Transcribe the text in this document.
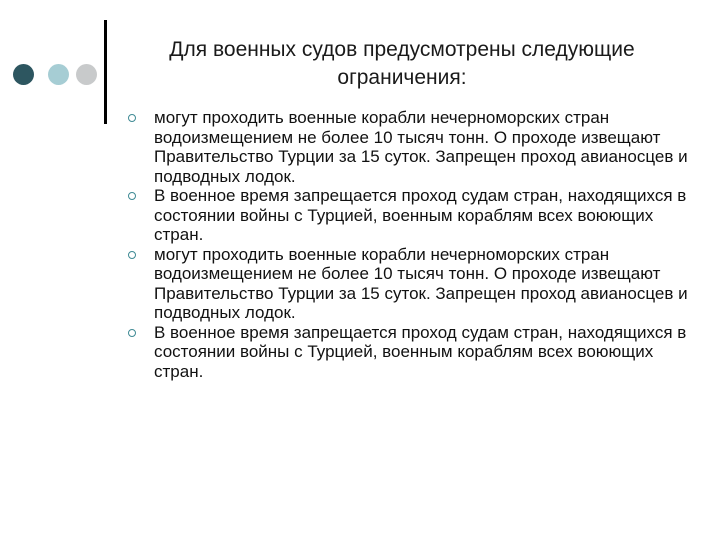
Для военных судов предусмотрены следующие
ограничения:
могут проходить военные корабли нечерноморских стран водоизмещением не более 10 тысяч тонн. О проходе извещают Правительство Турции за 15 суток. Запрещен проход авианосцев и подводных лодок.
В военное время запрещается проход судам стран, находящихся в состоянии войны с Турцией, военным кораблям всех воюющих стран.
могут проходить военные корабли нечерноморских стран водоизмещением не более 10 тысяч тонн. О проходе извещают Правительство Турции за 15 суток. Запрещен проход авианосцев и подводных лодок.
В военное время запрещается проход судам стран, находящихся в состоянии войны с Турцией, военным кораблям всех воюющих стран.
